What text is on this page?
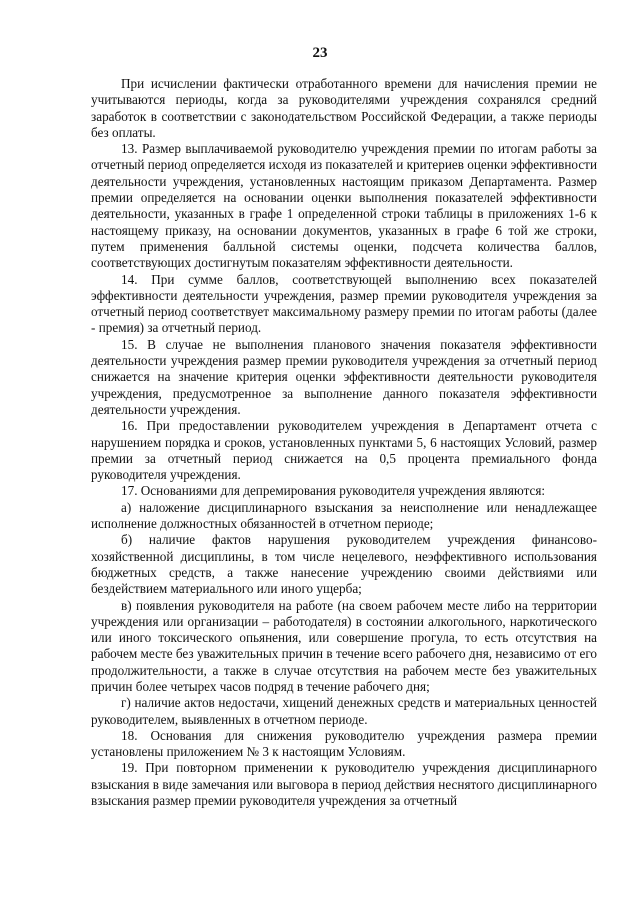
23

При исчислении фактически отработанного времени для начисления премии не учитываются периоды, когда за руководителями учреждения сохранялся средний заработок в соответствии с законодательством Российской Федерации, а также периоды без оплаты.

13. Размер выплачиваемой руководителю учреждения премии по итогам работы за отчетный период определяется исходя из показателей и критериев оценки эффективности деятельности учреждения, установленных настоящим приказом Департамента. Размер премии определяется на основании оценки выполнения показателей эффективности деятельности, указанных в графе 1 определенной строки таблицы в приложениях 1-6 к настоящему приказу, на основании документов, указанных в графе 6 той же строки, путем применения балльной системы оценки, подсчета количества баллов, соответствующих достигнутым показателям эффективности деятельности.

14. При сумме баллов, соответствующей выполнению всех показателей эффективности деятельности учреждения, размер премии руководителя учреждения за отчетный период соответствует максимальному размеру премии по итогам работы (далее - премия) за отчетный период.

15. В случае не выполнения планового значения показателя эффективности деятельности учреждения размер премии руководителя учреждения за отчетный период снижается на значение критерия оценки эффективности деятельности руководителя учреждения, предусмотренное за выполнение данного показателя эффективности деятельности учреждения.

16. При предоставлении руководителем учреждения в Департамент отчета с нарушением порядка и сроков, установленных пунктами 5, 6 настоящих Условий, размер премии за отчетный период снижается на 0,5 процента премиального фонда руководителя учреждения.

17. Основаниями для депремирования руководителя учреждения являются:

а) наложение дисциплинарного взыскания за неисполнение или ненадлежащее исполнение должностных обязанностей в отчетном периоде;

б) наличие фактов нарушения руководителем учреждения финансово-хозяйственной дисциплины, в том числе нецелевого, неэффективного использования бюджетных средств, а также нанесение учреждению своими действиями или бездействием материального или иного ущерба;

в) появления руководителя на работе (на своем рабочем месте либо на территории учреждения или организации – работодателя) в состоянии алкогольного, наркотического или иного токсического опьянения, или совершение прогула, то есть отсутствия на рабочем месте без уважительных причин в течение всего рабочего дня, независимо от его продолжительности, а также в случае отсутствия на рабочем месте без уважительных причин более четырех часов подряд в течение рабочего дня;

г) наличие актов недостачи, хищений денежных средств и материальных ценностей руководителем, выявленных в отчетном периоде.

18. Основания для снижения руководителю учреждения размера премии установлены приложением № 3 к настоящим Условиям.

19. При повторном применении к руководителю учреждения дисциплинарного взыскания в виде замечания или выговора в период действия неснятого дисциплинарного взыскания размер премии руководителя учреждения за отчетный
